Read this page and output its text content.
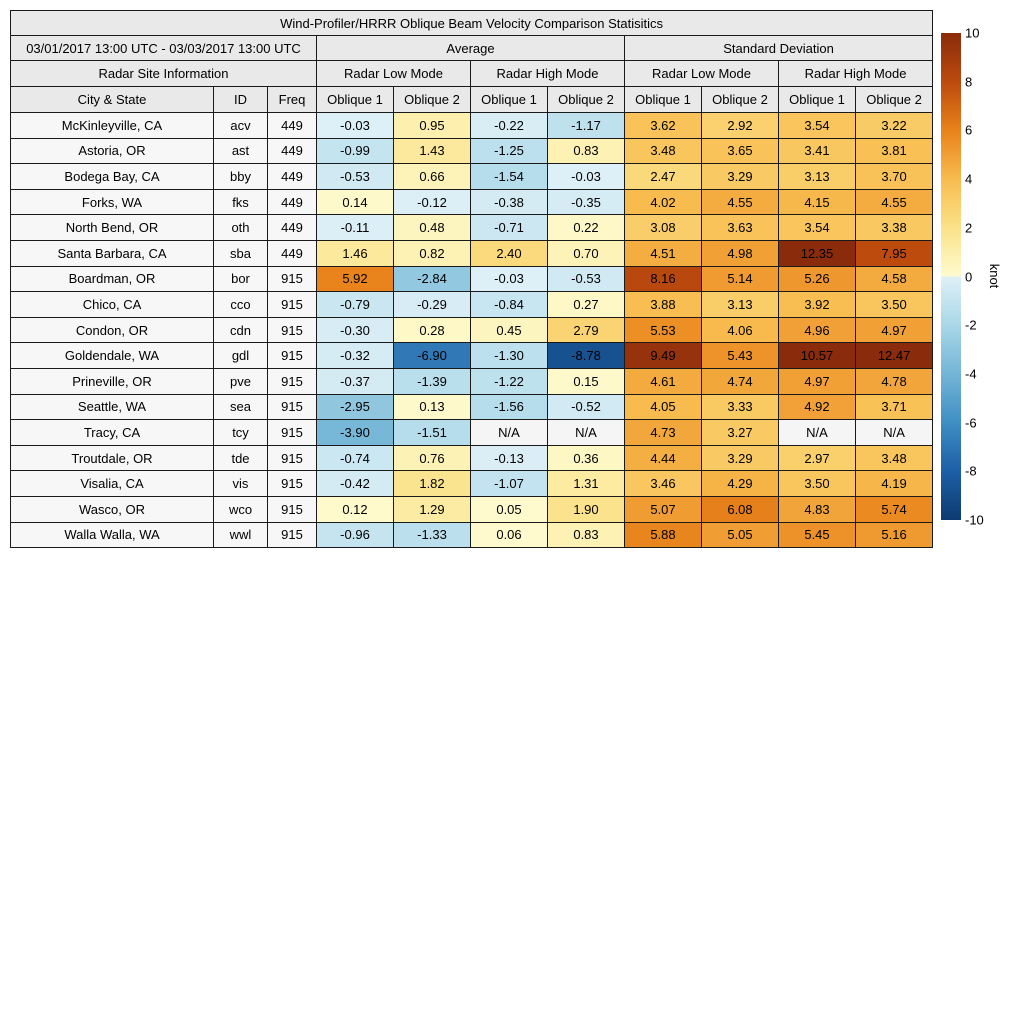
Wind-Profiler/HRRR Oblique Beam Velocity Comparison Statisitics										
03/01/2017 13:00 UTC - 03/03/2017 13:00 UTC			Average				Standard Deviation			
Radar Site Information			Radar Low Mode		Radar High Mode		Radar Low Mode		Radar High Mode	
City & State	ID	Freq	Oblique 1	Oblique 2	Oblique 1	Oblique 2	Oblique 1	Oblique 2	Oblique 1	Oblique 2
McKinleyville, CA	acv	449	-0.03	0.95	-0.22	-1.17	3.62	2.92	3.54	3.22
Astoria, OR	ast	449	-0.99	1.43	-1.25	0.83	3.48	3.65	3.41	3.81
Bodega Bay, CA	bby	449	-0.53	0.66	-1.54	-0.03	2.47	3.29	3.13	3.70
Forks, WA	fks	449	0.14	-0.12	-0.38	-0.35	4.02	4.55	4.15	4.55
North Bend, OR	oth	449	-0.11	0.48	-0.71	0.22	3.08	3.63	3.54	3.38
Santa Barbara, CA	sba	449	1.46	0.82	2.40	0.70	4.51	4.98	12.35	7.95
Boardman, OR	bor	915	5.92	-2.84	-0.03	-0.53	8.16	5.14	5.26	4.58
Chico, CA	cco	915	-0.79	-0.29	-0.84	0.27	3.88	3.13	3.92	3.50
Condon, OR	cdn	915	-0.30	0.28	0.45	2.79	5.53	4.06	4.96	4.97
Goldendale, WA	gdl	915	-0.32	-6.90	-1.30	-8.78	9.49	5.43	10.57	12.47
Prineville, OR	pve	915	-0.37	-1.39	-1.22	0.15	4.61	4.74	4.97	4.78
Seattle, WA	sea	915	-2.95	0.13	-1.56	-0.52	4.05	3.33	4.92	3.71
Tracy, CA	tcy	915	-3.90	-1.51	N/A	N/A	4.73	3.27	N/A	N/A
Troutdale, OR	tde	915	-0.74	0.76	-0.13	0.36	4.44	3.29	2.97	3.48
Visalia, CA	vis	915	-0.42	1.82	-1.07	1.31	3.46	4.29	3.50	4.19
Wasco, OR	wco	915	0.12	1.29	0.05	1.90	5.07	6.08	4.83	5.74
Walla Walla, WA	wwl	915	-0.96	-1.33	0.06	0.83	5.88	5.05	5.45	5.16
10
8
6
4
2
0
-2
-4
-6
-8
-10
knot
